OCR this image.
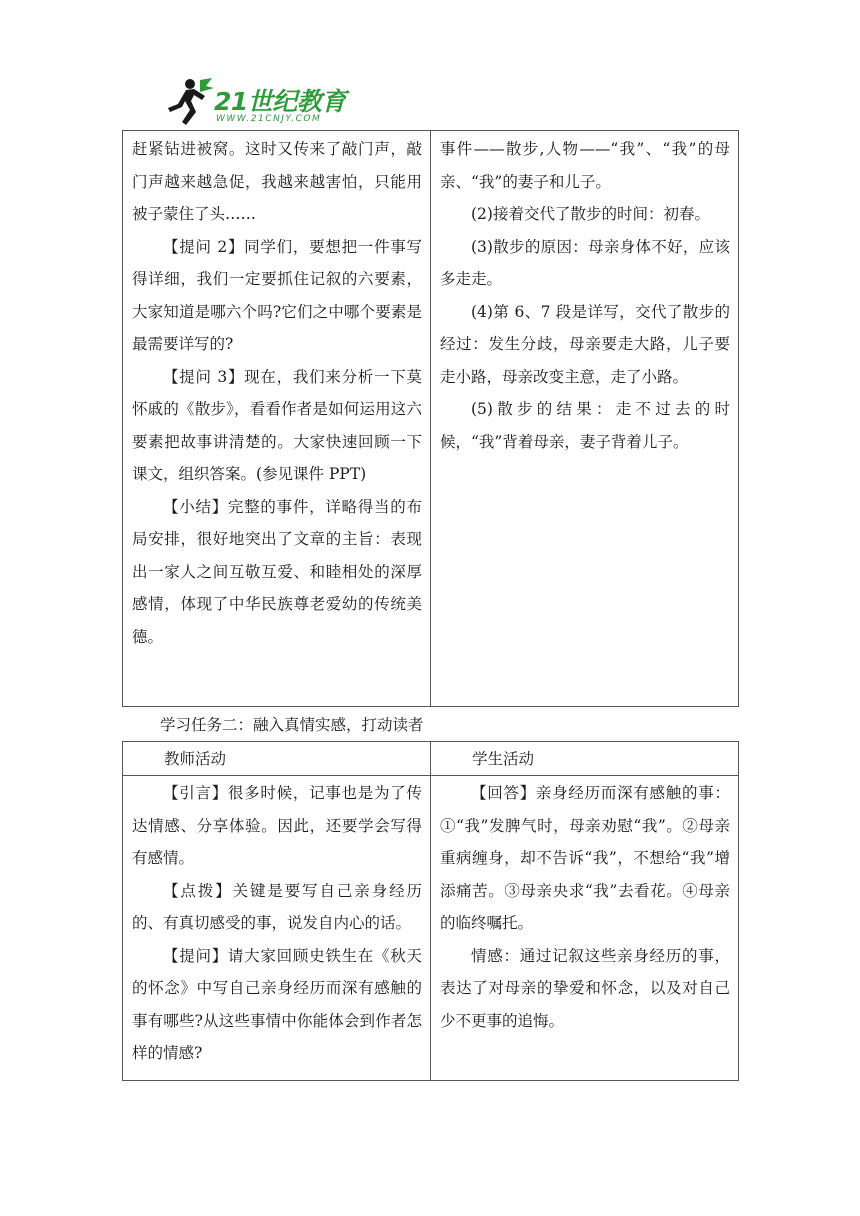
21世纪教育
WWW.21CNJY.COM

赶紧钻进被窝。这时又传来了敲门声，敲门声越来越急促，我越来越害怕，只能用被子蒙住了头……

【提问 2】同学们，要想把一件事写得详细，我们一定要抓住记叙的六要素，大家知道是哪六个吗?它们之中哪个要素是最需要详写的?

【提问 3】现在，我们来分析一下莫怀戚的《散步》，看看作者是如何运用这六要素把故事讲清楚的。大家快速回顾一下课文，组织答案。(参见课件 PPT)

【小结】完整的事件，详略得当的布局安排，很好地突出了文章的主旨：表现出一家人之间互敬互爱、和睦相处的深厚感情，体现了中华民族尊老爱幼的传统美德。

事件——散步,人物——“我”、“我”的母亲、“我”的妻子和儿子。

(2)接着交代了散步的时间：初春。

(3)散步的原因：母亲身体不好，应该多走走。

(4)第 6、7 段是详写，交代了散步的经过：发生分歧，母亲要走大路，儿子要走小路，母亲改变主意，走了小路。

(5)散步的结果：走不过去的时候，“我”背着母亲，妻子背着儿子。

学习任务二：融入真情实感，打动读者
教师活动	学生活动

【引言】很多时候，记事也是为了传达情感、分享体验。因此，还要学会写得有感情。

【点拨】关键是要写自己亲身经历的、有真切感受的事，说发自内心的话。

【提问】请大家回顾史铁生在《秋天的怀念》中写自己亲身经历而深有感触的事有哪些?从这些事情中你能体会到作者怎样的情感?

【回答】亲身经历而深有感触的事：①“我”发脾气时，母亲劝慰“我”。②母亲重病缠身，却不告诉“我”，不想给“我”增添痛苦。③母亲央求“我”去看花。④母亲的临终嘱托。

情感：通过记叙这些亲身经历的事，表达了对母亲的挚爱和怀念，以及对自己少不更事的追悔。
